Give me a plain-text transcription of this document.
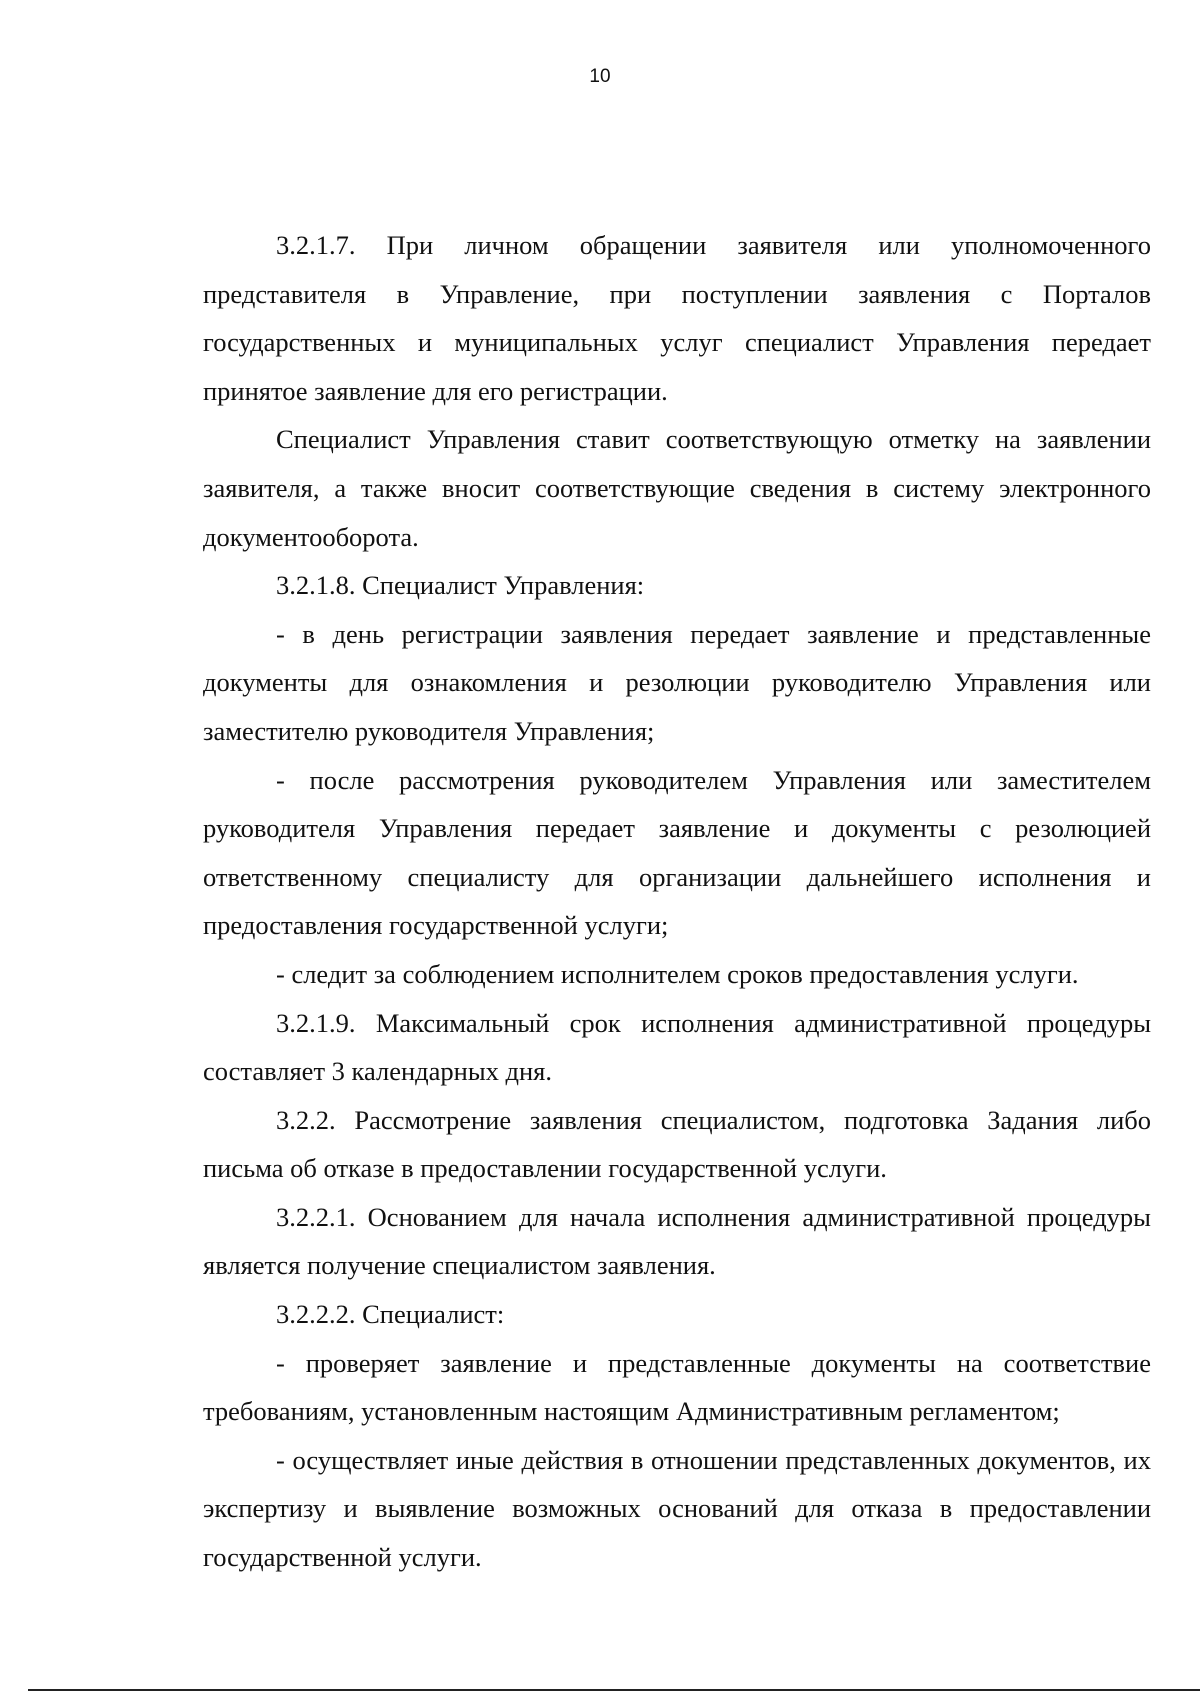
10

3.2.1.7. При личном обращении заявителя или уполномоченного представителя в Управление, при поступлении заявления с Порталов государственных и муниципальных услуг специалист Управления передает принятое заявление для его регистрации.

Специалист Управления ставит соответствующую отметку на заявлении заявителя, а также вносит соответствующие сведения в систему электронного документооборота.

3.2.1.8. Специалист Управления:

- в день регистрации заявления передает заявление и представленные документы для ознакомления и резолюции руководителю Управления или заместителю руководителя Управления;

- после рассмотрения руководителем Управления или заместителем руководителя Управления передает заявление и документы с резолюцией ответственному специалисту для организации дальнейшего исполнения и предоставления государственной услуги;

- следит за соблюдением исполнителем сроков предоставления услуги.

3.2.1.9. Максимальный срок исполнения административной процедуры составляет 3 календарных дня.

3.2.2. Рассмотрение заявления специалистом, подготовка Задания либо письма об отказе в предоставлении государственной услуги.

3.2.2.1. Основанием для начала исполнения административной процедуры является получение специалистом заявления.

3.2.2.2. Специалист:

- проверяет заявление и представленные документы на соответствие требованиям, установленным настоящим Административным регламентом;

- осуществляет иные действия в отношении представленных документов, их экспертизу и выявление возможных оснований для отказа в предоставлении государственной услуги.
